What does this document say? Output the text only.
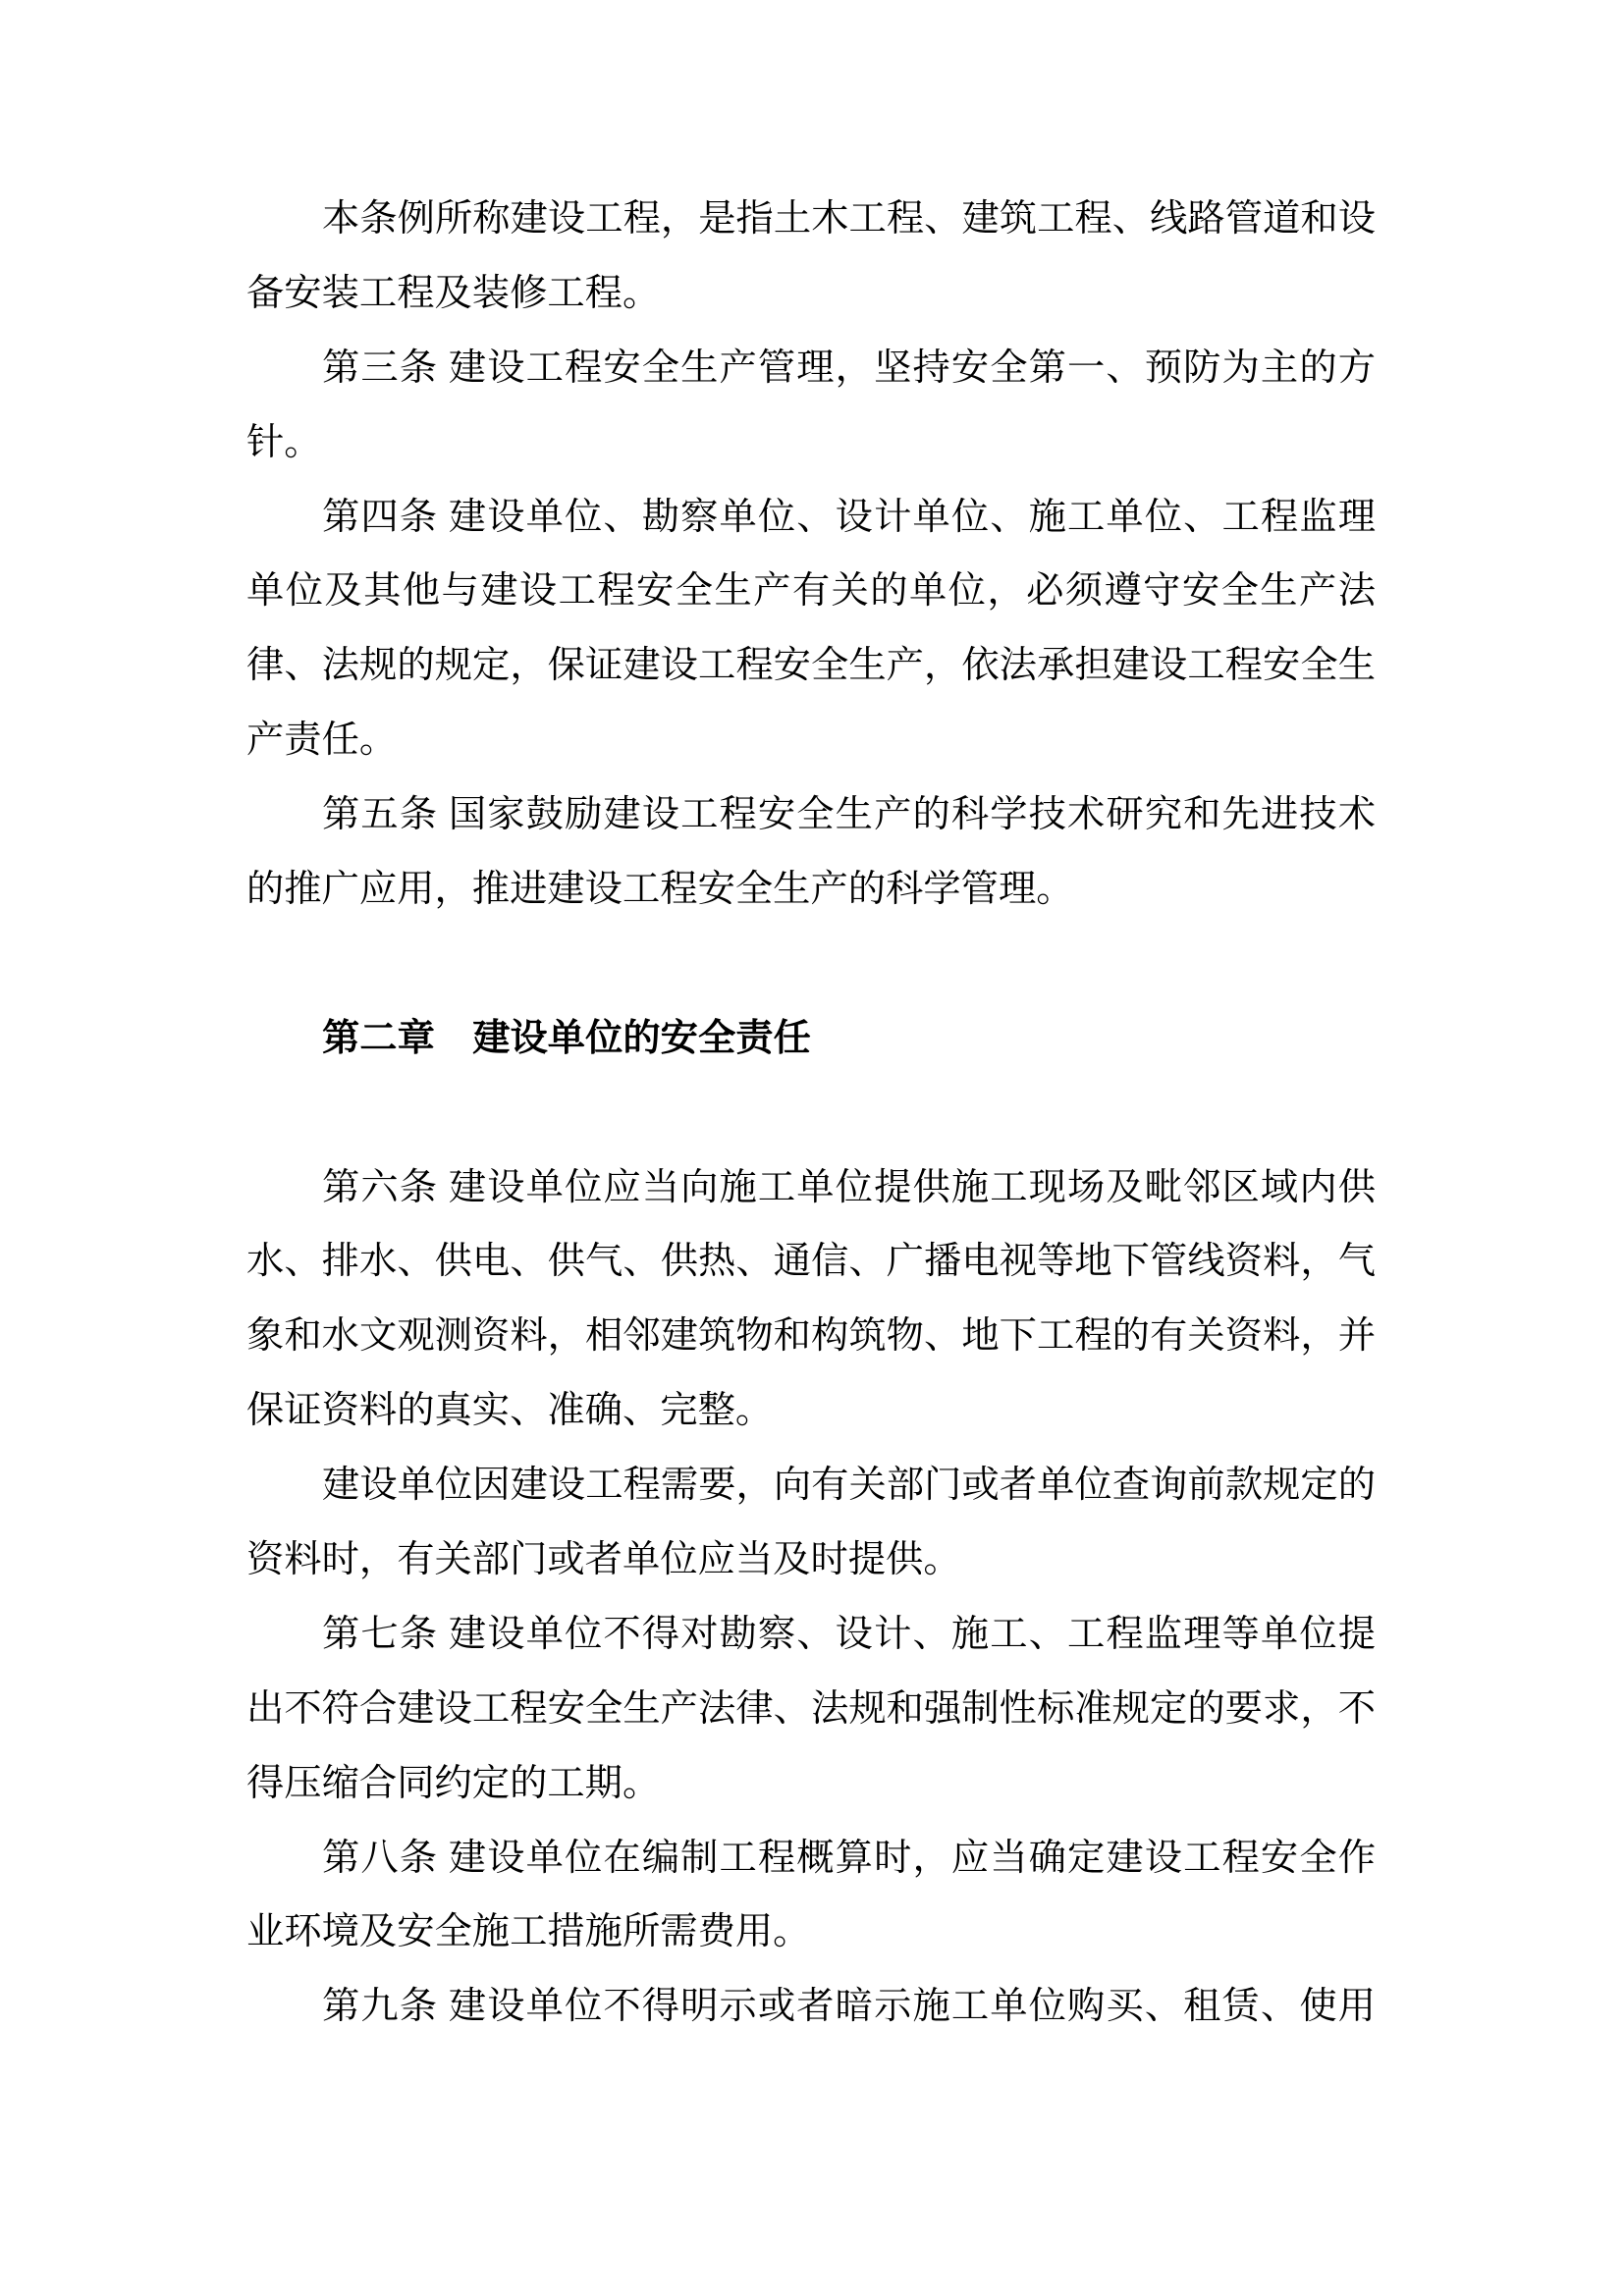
本条例所称建设工程，是指土木工程、建筑工程、线路管道和设
备安装工程及装修工程。
第三条 建设工程安全生产管理，坚持安全第一、预防为主的方
针。
第四条 建设单位、勘察单位、设计单位、施工单位、工程监理
单位及其他与建设工程安全生产有关的单位，必须遵守安全生产法
律、法规的规定，保证建设工程安全生产，依法承担建设工程安全生
产责任。
第五条 国家鼓励建设工程安全生产的科学技术研究和先进技术
的推广应用，推进建设工程安全生产的科学管理。
第二章　建设单位的安全责任
第六条 建设单位应当向施工单位提供施工现场及毗邻区域内供
水、排水、供电、供气、供热、通信、广播电视等地下管线资料，气
象和水文观测资料，相邻建筑物和构筑物、地下工程的有关资料，并
保证资料的真实、准确、完整。
建设单位因建设工程需要，向有关部门或者单位查询前款规定的
资料时，有关部门或者单位应当及时提供。
第七条 建设单位不得对勘察、设计、施工、工程监理等单位提
出不符合建设工程安全生产法律、法规和强制性标准规定的要求，不
得压缩合同约定的工期。
第八条 建设单位在编制工程概算时，应当确定建设工程安全作
业环境及安全施工措施所需费用。
第九条 建设单位不得明示或者暗示施工单位购买、租赁、使用
